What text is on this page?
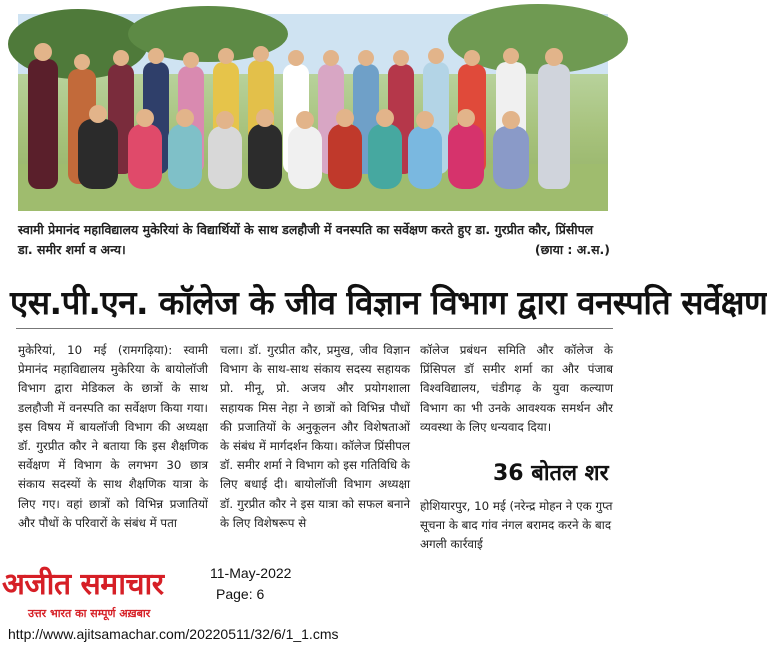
स्वामी प्रेमानंद महाविद्यालय मुकेरियां के विद्यार्थियों के साथ डलहौजी में वनस्पति का सर्वेक्षण करते हुए डा. गुरप्रीत कौर, प्रिंसीपल डा. समीर शर्मा व अन्य।	(छाया : अ.स.)
एस.पी.एन. कॉलेज के जीव विज्ञान विभाग द्वारा वनस्पति सर्वेक्षण
मुकेरियां, 10 मई (रामगढ़िया): स्वामी प्रेमानंद महाविद्यालय मुकेरिया के बायोलॉजी विभाग द्वारा मेडिकल के छात्रों के साथ डलहौजी में वनस्पति का सर्वेक्षण किया गया। इस विषय में बायलॉजी विभाग की अध्यक्षा डॉ. गुरप्रीत कौर ने बताया कि इस शैक्षणिक सर्वेक्षण में विभाग के लगभग 30 छात्र संकाय सदस्यों के साथ शैक्षणिक यात्रा के लिए गए। वहां छात्रों को विभिन्न प्रजातियों और पौधों के परिवारों के संबंध में पता
चला। डॉ. गुरप्रीत कौर, प्रमुख, जीव विज्ञान विभाग के साथ-साथ संकाय सदस्य सहायक प्रो. मीनू, प्रो. अजय और प्रयोगशाला सहायक मिस नेहा ने छात्रों को विभिन्न पौधों की प्रजातियों के अनुकूलन और विशेषताओं के संबंध में मार्गदर्शन किया। कॉलेज प्रिंसीपल डॉ. समीर शर्मा ने विभाग को इस गतिविधि के लिए बधाई दी। बायोलॉजी विभाग अध्यक्षा डॉ. गुरप्रीत कौर ने इस यात्रा को सफल बनाने के लिए विशेषरूप से
कॉलेज प्रबंधन समिति और कॉलेज के प्रिंसिपल डॉ समीर शर्मा का और पंजाब विश्वविद्यालय, चंडीगढ़ के युवा कल्याण विभाग का भी उनके आवश्यक समर्थन और व्यवस्था के लिए धन्यवाद दिया।
36 बोतल शर
होशियारपुर, 10 मई (नरेन्द्र मोहन ने एक गुप्त सूचना के बाद गांव नंगल बरामद करने के बाद अगली कार्रवाई
अजीत समाचार
उत्तर भारत का सम्पूर्ण अख़बार
11-May-2022
Page: 6
http://www.ajitsamachar.com/20220511/32/6/1_1.cms
